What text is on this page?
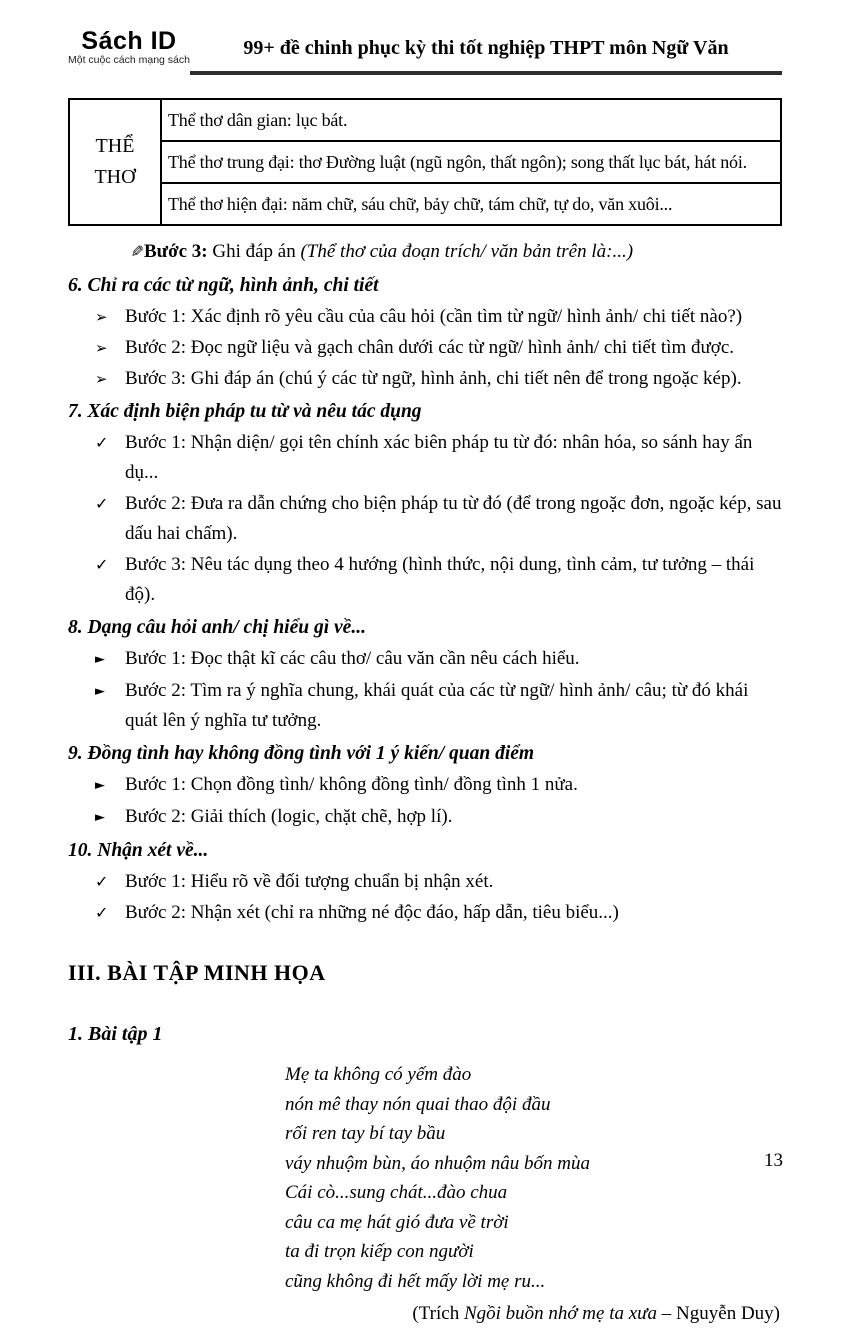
Sách ID
Một cuộc cách mạng sách
99+ đề chinh phục kỳ thi tốt nghiệp THPT môn Ngữ Văn
THỂ THƠ	Thể thơ dân gian: lục bát.
Thể thơ trung đại: thơ Đường luật (ngũ ngôn, thất ngôn); song thất lục bát, hát nói.
Thể thơ hiện đại: năm chữ, sáu chữ, bảy chữ, tám chữ, tự do, văn xuôi...
✎ Bước 3: Ghi đáp án (Thể thơ của đoạn trích/ văn bản trên là:...)
6. Chỉ ra các từ ngữ, hình ảnh, chi tiết
➢ Bước 1: Xác định rõ yêu cầu của câu hỏi (cần tìm từ ngữ/ hình ảnh/ chi tiết nào?)
➢ Bước 2: Đọc ngữ liệu và gạch chân dưới các từ ngữ/ hình ảnh/ chi tiết tìm được.
➢ Bước 3: Ghi đáp án (chú ý các từ ngữ, hình ảnh, chi tiết nên để trong ngoặc kép).
7. Xác định biện pháp tu từ và nêu tác dụng
✓ Bước 1: Nhận diện/ gọi tên chính xác biên pháp tu từ đó: nhân hóa, so sánh hay ẩn dụ...
✓ Bước 2: Đưa ra dẫn chứng cho biện pháp tu từ đó (để trong ngoặc đơn, ngoặc kép, sau dấu hai chấm).
✓ Bước 3: Nêu tác dụng theo 4 hướng (hình thức, nội dung, tình cảm, tư tưởng – thái độ).
8. Dạng câu hỏi anh/ chị hiểu gì về...
►	Bước 1: Đọc thật kĩ các câu thơ/ câu văn cần nêu cách hiểu.
►	Bước 2: Tìm ra ý nghĩa chung, khái quát của các từ ngữ/ hình ảnh/ câu; từ đó khái quát lên ý nghĩa tư tưởng.
9. Đồng tình hay không đồng tình với 1 ý kiến/ quan điểm
►	Bước 1: Chọn đồng tình/ không đồng tình/ đồng tình 1 nửa.
►	Bước 2: Giải thích (logic, chặt chẽ, hợp lí).
10. Nhận xét về...
✓ Bước 1: Hiểu rõ về đối tượng chuẩn bị nhận xét.
✓ Bước 2: Nhận xét (chỉ ra những né độc đáo, hấp dẫn, tiêu biểu...)
III. BÀI TẬP MINH HỌA
1. Bài tập 1
Mẹ ta không có yếm đào
nón mê thay nón quai thao đội đầu
rối ren tay bí tay bầu
váy nhuộm bùn, áo nhuộm nâu bốn mùa
Cái cò...sung chát...đào chua
câu ca mẹ hát gió đưa về trời
ta đi trọn kiếp con người
cũng không đi hết mấy lời mẹ ru...
(Trích Ngồi buồn nhớ mẹ ta xưa – Nguyễn Duy)
13
